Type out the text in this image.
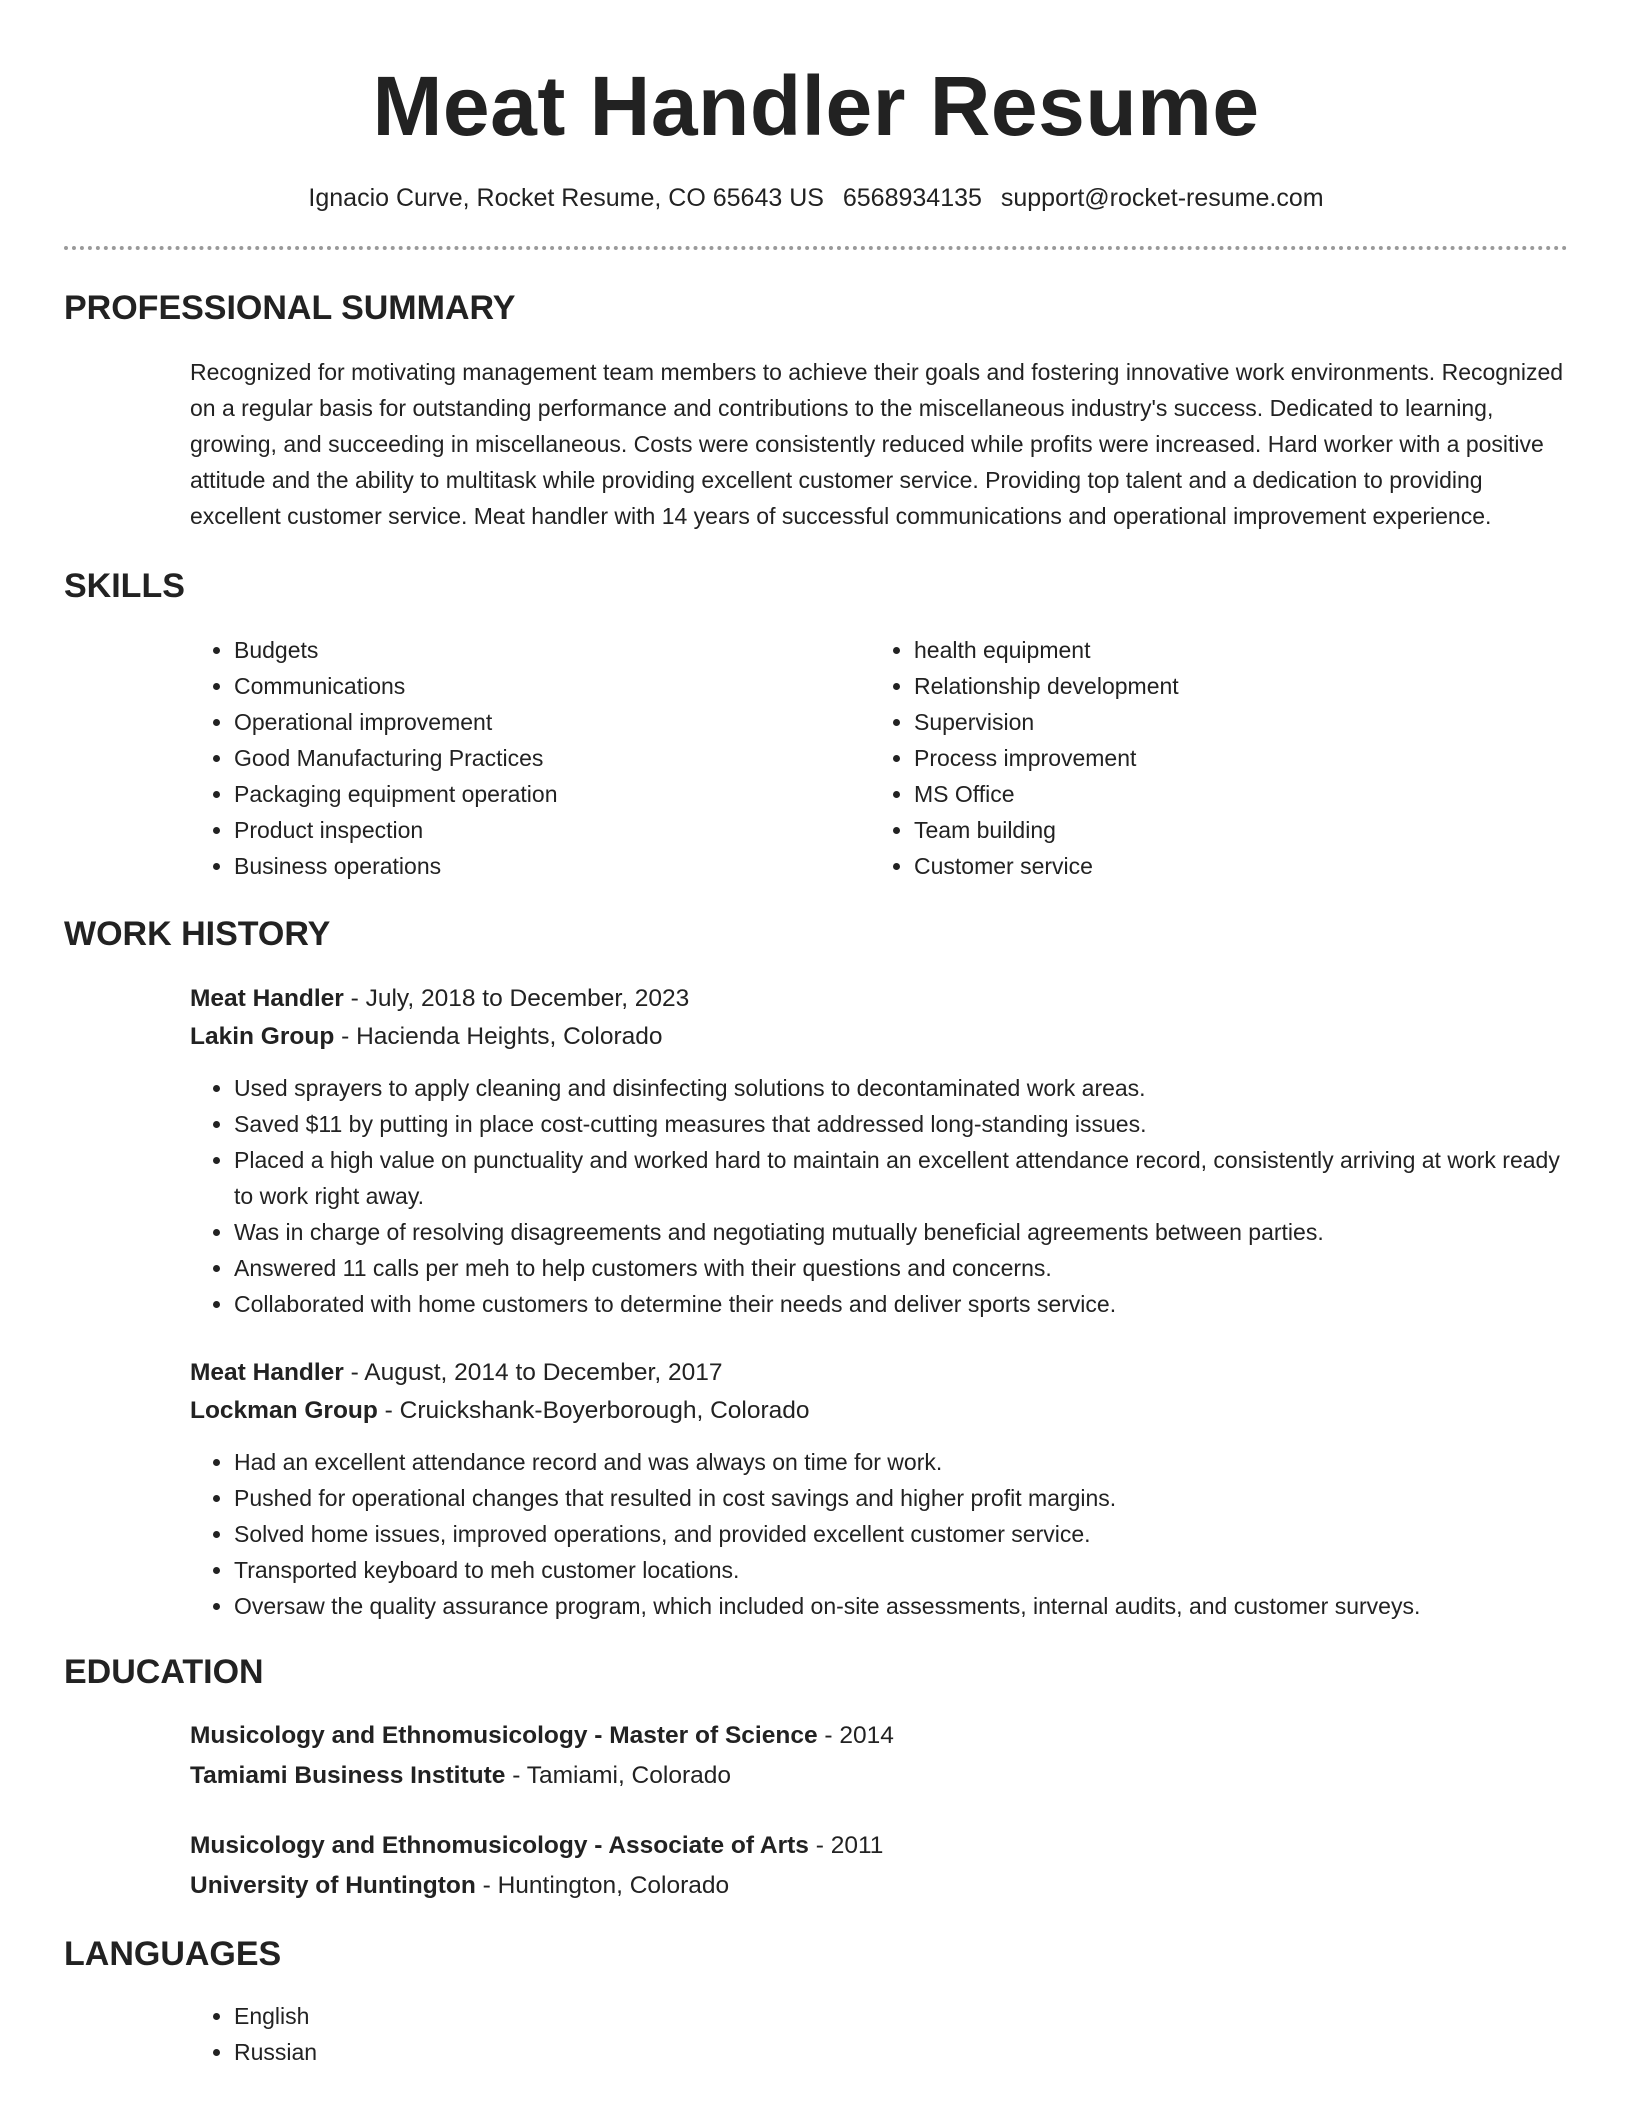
Meat Handler Resume
Ignacio Curve, Rocket Resume, CO 65643 US 6568934135 support@rocket-resume.com
PROFESSIONAL SUMMARY
Recognized for motivating management team members to achieve their goals and fostering innovative work environments. Recognized on a regular basis for outstanding performance and contributions to the miscellaneous industry's success. Dedicated to learning, growing, and succeeding in miscellaneous. Costs were consistently reduced while profits were increased. Hard worker with a positive attitude and the ability to multitask while providing excellent customer service. Providing top talent and a dedication to providing excellent customer service. Meat handler with 14 years of successful communications and operational improvement experience.
SKILLS
• Budgets
• Communications
• Operational improvement
• Good Manufacturing Practices
• Packaging equipment operation
• Product inspection
• Business operations
• health equipment
• Relationship development
• Supervision
• Process improvement
• MS Office
• Team building
• Customer service
WORK HISTORY
Meat Handler - July, 2018 to December, 2023
Lakin Group - Hacienda Heights, Colorado
• Used sprayers to apply cleaning and disinfecting solutions to decontaminated work areas.
• Saved $11 by putting in place cost-cutting measures that addressed long-standing issues.
• Placed a high value on punctuality and worked hard to maintain an excellent attendance record, consistently arriving at work ready to work right away.
• Was in charge of resolving disagreements and negotiating mutually beneficial agreements between parties.
• Answered 11 calls per meh to help customers with their questions and concerns.
• Collaborated with home customers to determine their needs and deliver sports service.
Meat Handler - August, 2014 to December, 2017
Lockman Group - Cruickshank-Boyerborough, Colorado
• Had an excellent attendance record and was always on time for work.
• Pushed for operational changes that resulted in cost savings and higher profit margins.
• Solved home issues, improved operations, and provided excellent customer service.
• Transported keyboard to meh customer locations.
• Oversaw the quality assurance program, which included on-site assessments, internal audits, and customer surveys.
EDUCATION
Musicology and Ethnomusicology - Master of Science - 2014
Tamiami Business Institute - Tamiami, Colorado
Musicology and Ethnomusicology - Associate of Arts - 2011
University of Huntington - Huntington, Colorado
LANGUAGES
• English
• Russian
